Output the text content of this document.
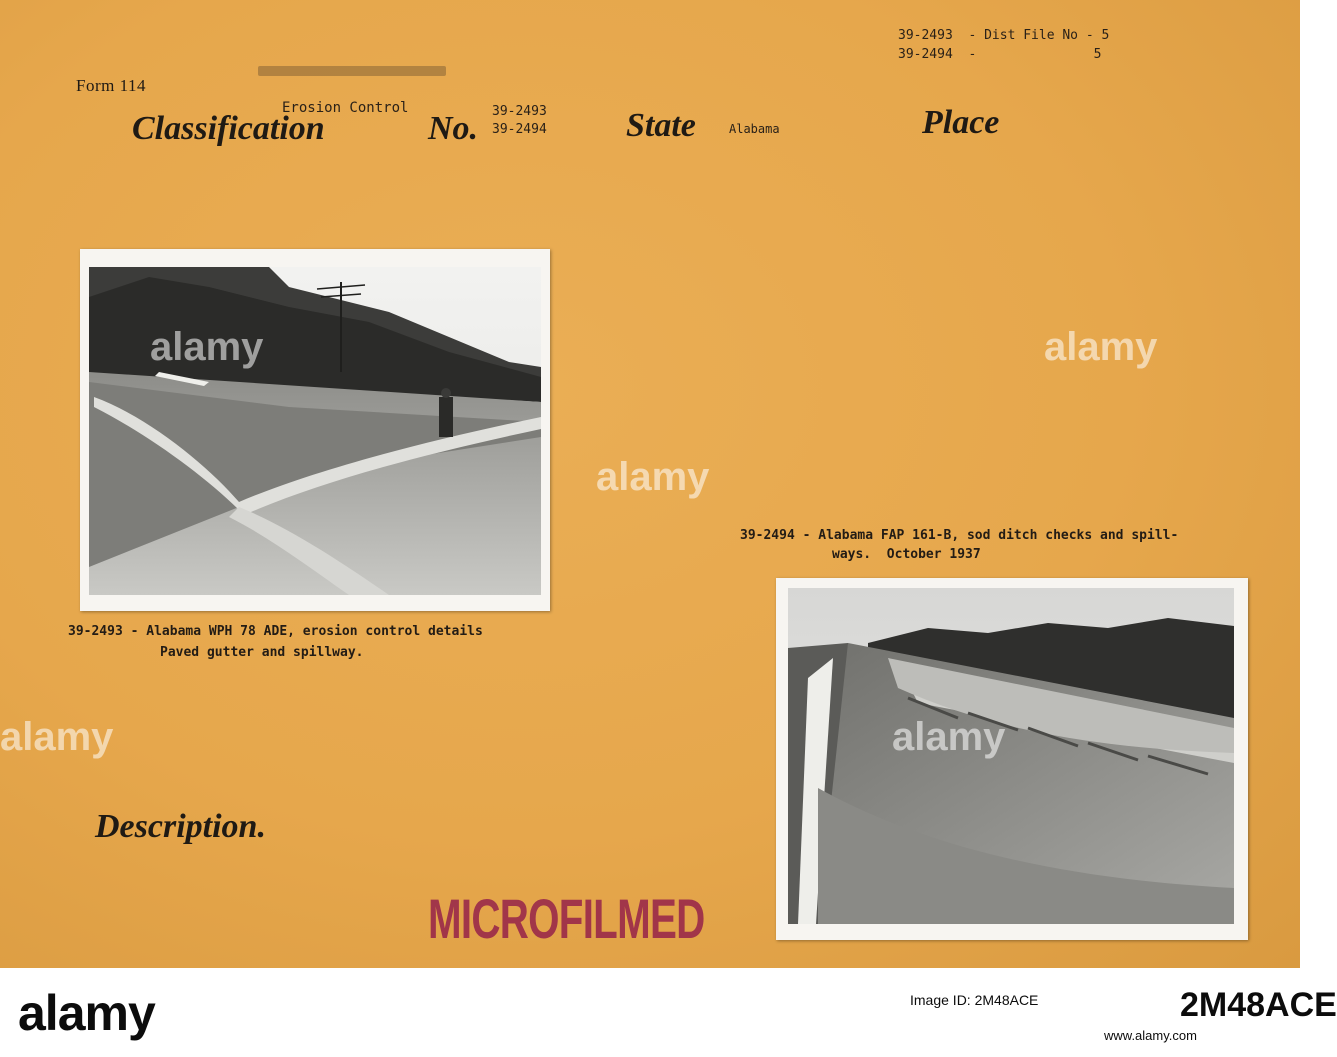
39-2493  - Dist File No - 5
39-2494  -               5
Form 114
Erosion Control
Classification	No. 39-2493
39-2494 State	Alabama	Place
39-2493 - Alabama WPH 78 ADE, erosion control details
Paved gutter and spillway.
39-2494 - Alabama FAP 161-B, sod ditch checks and spill-
ways.  October 1937
Description.
MICROFILMED
alamy
alamy
alamy
alamy	alamy
alamy	Image ID: 2M48ACE	2M48ACE
www.alamy.com
